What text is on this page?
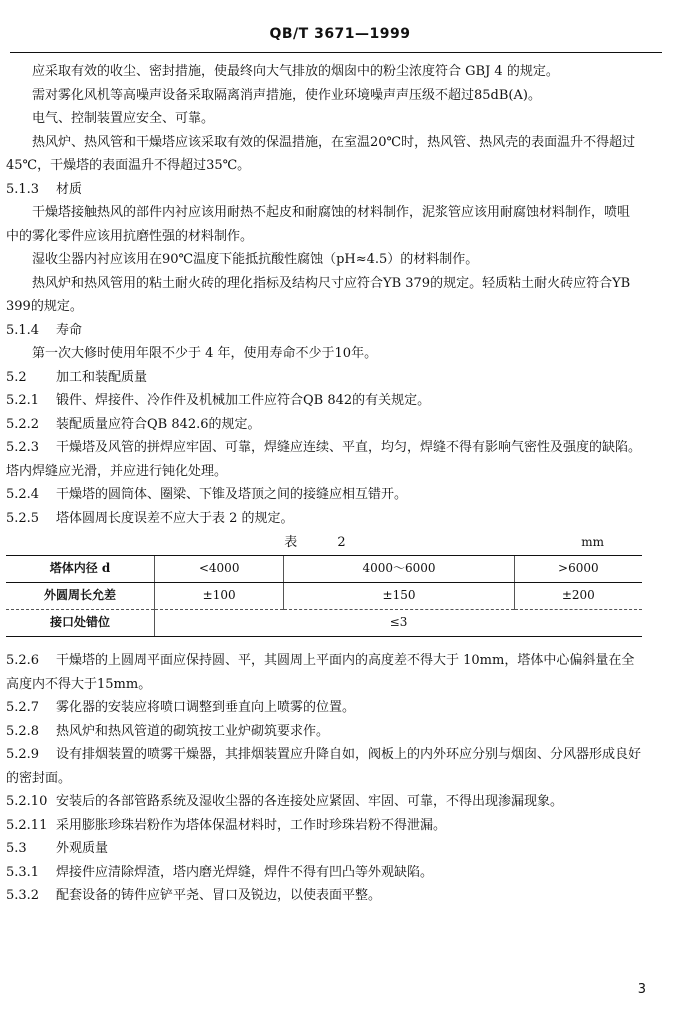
QB/T 3671—1999

应采取有效的收尘、密封措施，使最终向大气排放的烟囱中的粉尘浓度符合 GBJ 4 的规定。

需对雾化风机等高噪声设备采取隔离消声措施，使作业环境噪声声压级不超过85dB(A)。

电气、控制装置应安全、可靠。

热风炉、热风管和干燥塔应该采取有效的保温措施，在室温20℃时，热风管、热风壳的表面温升不得超过45℃，干燥塔的表面温升不得超过35℃。

5.1.3 材质

干燥塔接触热风的部件内衬应该用耐热不起皮和耐腐蚀的材料制作，泥浆管应该用耐腐蚀材料制作，喷咀中的雾化零件应该用抗磨性强的材料制作。

湿收尘器内衬应该用在90℃温度下能抵抗酸性腐蚀（pH≈4.5）的材料制作。

热风炉和热风管用的粘土耐火砖的理化指标及结构尺寸应符合YB 379的规定。轻质粘土耐火砖应符合YB 399的规定。

5.1.4 寿命

第一次大修时使用年限不少于 4 年，使用寿命不少于10年。

5.2 加工和装配质量

5.2.1 锻件、焊接件、冷作件及机械加工件应符合QB 842的有关规定。

5.2.2 装配质量应符合QB 842.6的规定。

5.2.3 干燥塔及风管的拼焊应牢固、可靠，焊缝应连续、平直，均匀，焊缝不得有影响气密性及强度的缺陷。塔内焊缝应光滑，并应进行钝化处理。

5.2.4 干燥塔的圆筒体、圈梁、下锥及塔顶之间的接缝应相互错开。

5.2.5 塔体圆周长度误差不应大于表 2 的规定。

表 2	mm
塔体内径 d	<4000	4000～6000	>6000
外圆周长允差	±100	±150	±200
接口处错位	≤3		

5.2.6 干燥塔的上圆周平面应保持圆、平，其圆周上平面内的高度差不得大于 10mm，塔体中心偏斜量在全高度内不得大于15mm。

5.2.7 雾化器的安装应将喷口调整到垂直向上喷雾的位置。

5.2.8 热风炉和热风管道的砌筑按工业炉砌筑要求作。

5.2.9 设有排烟装置的喷雾干燥器，其排烟装置应升降自如，阀板上的内外环应分别与烟囱、分风器形成良好的密封面。

5.2.10 安装后的各部管路系统及湿收尘器的各连接处应紧固、牢固、可靠，不得出现渗漏现象。

5.2.11 采用膨胀珍珠岩粉作为塔体保温材料时，工作时珍珠岩粉不得泄漏。

5.3 外观质量

5.3.1 焊接件应清除焊渣，塔内磨光焊缝，焊件不得有凹凸等外观缺陷。

5.3.2 配套设备的铸件应铲平尧、冒口及锐边，以使表面平整。

3
